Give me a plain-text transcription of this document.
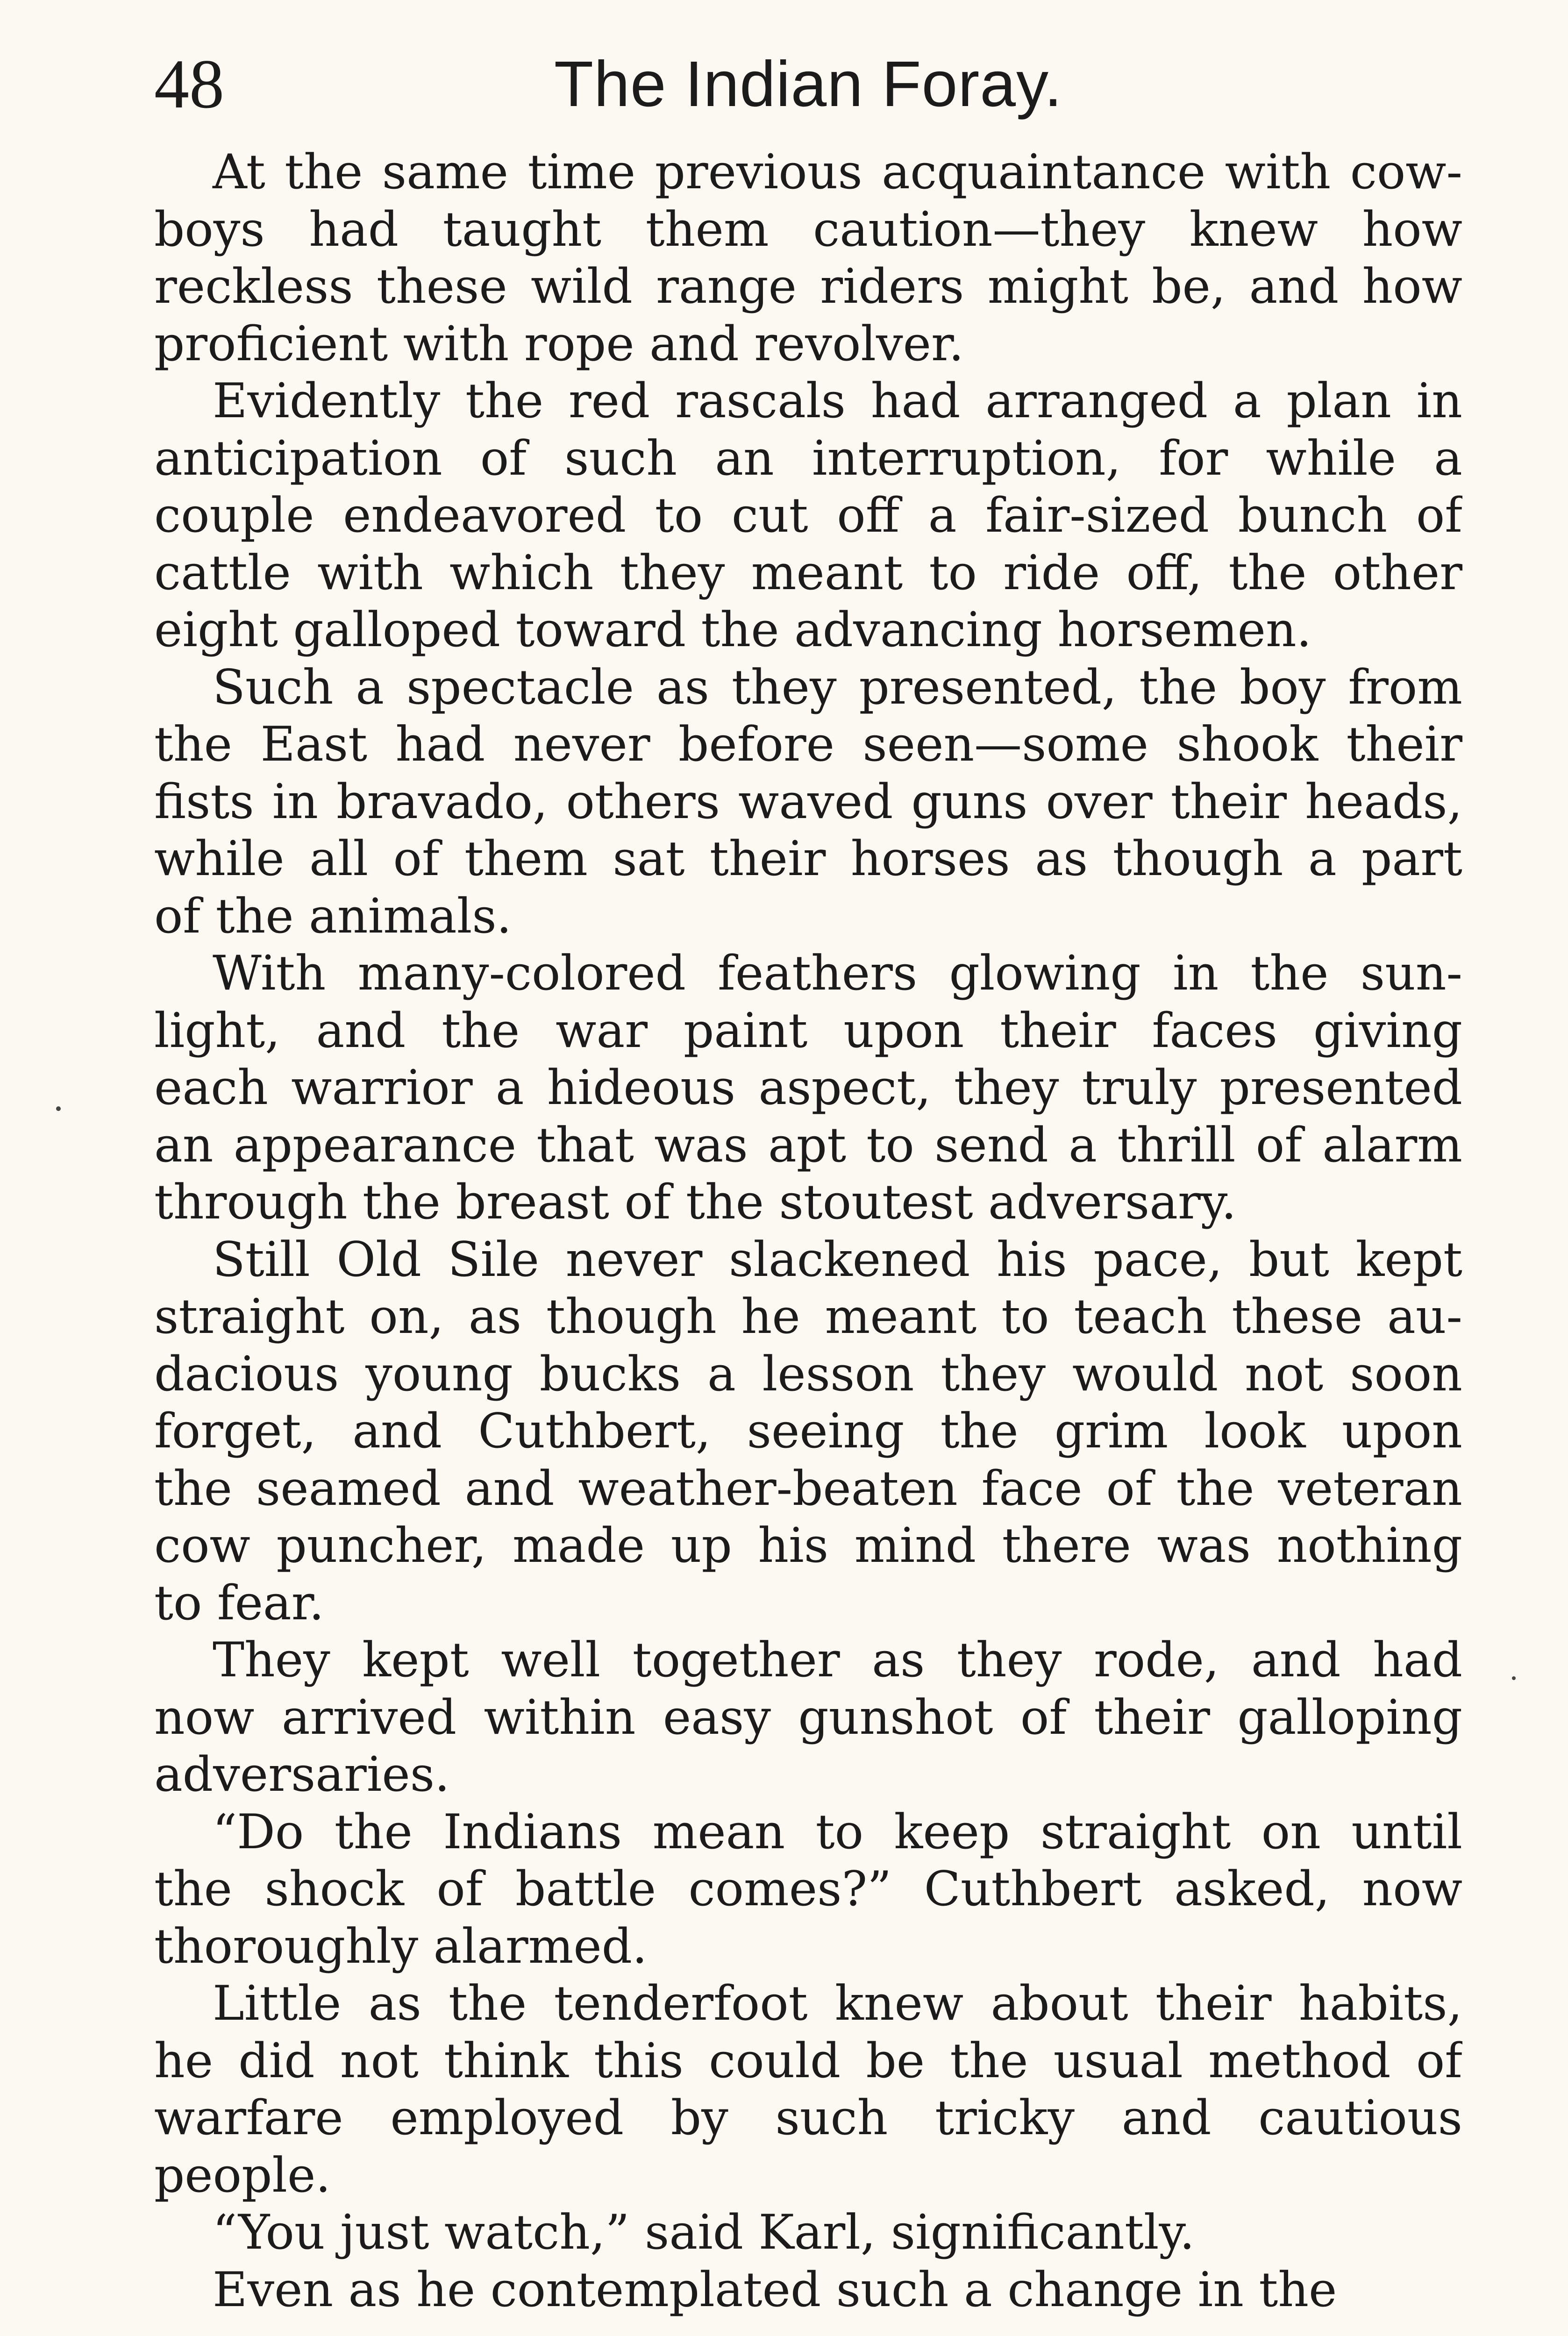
48	The Indian Foray.

At the same time previous acquaintance with cow-
boys had taught them caution—they knew how
reckless these wild range riders might be, and how
proficient with rope and revolver.

Evidently the red rascals had arranged a plan in
anticipation of such an interruption, for while a
couple endeavored to cut off a fair-sized bunch of
cattle with which they meant to ride off, the other
eight galloped toward the advancing horsemen.

Such a spectacle as they presented, the boy from
the East had never before seen—some shook their
fists in bravado, others waved guns over their heads,
while all of them sat their horses as though a part
of the animals.

With many-colored feathers glowing in the sun-
light, and the war paint upon their faces giving
each warrior a hideous aspect, they truly presented
an appearance that was apt to send a thrill of alarm
through the breast of the stoutest adversary.

Still Old Sile never slackened his pace, but kept
straight on, as though he meant to teach these au-
dacious young bucks a lesson they would not soon
forget, and Cuthbert, seeing the grim look upon
the seamed and weather-beaten face of the veteran
cow puncher, made up his mind there was nothing
to fear.

They kept well together as they rode, and had
now arrived within easy gunshot of their galloping
adversaries.

“Do the Indians mean to keep straight on until
the shock of battle comes?” Cuthbert asked, now
thoroughly alarmed.

Little as the tenderfoot knew about their habits,
he did not think this could be the usual method of
warfare employed by such tricky and cautious
people.

“You just watch,” said Karl, significantly.

Even as he contemplated such a change in the
